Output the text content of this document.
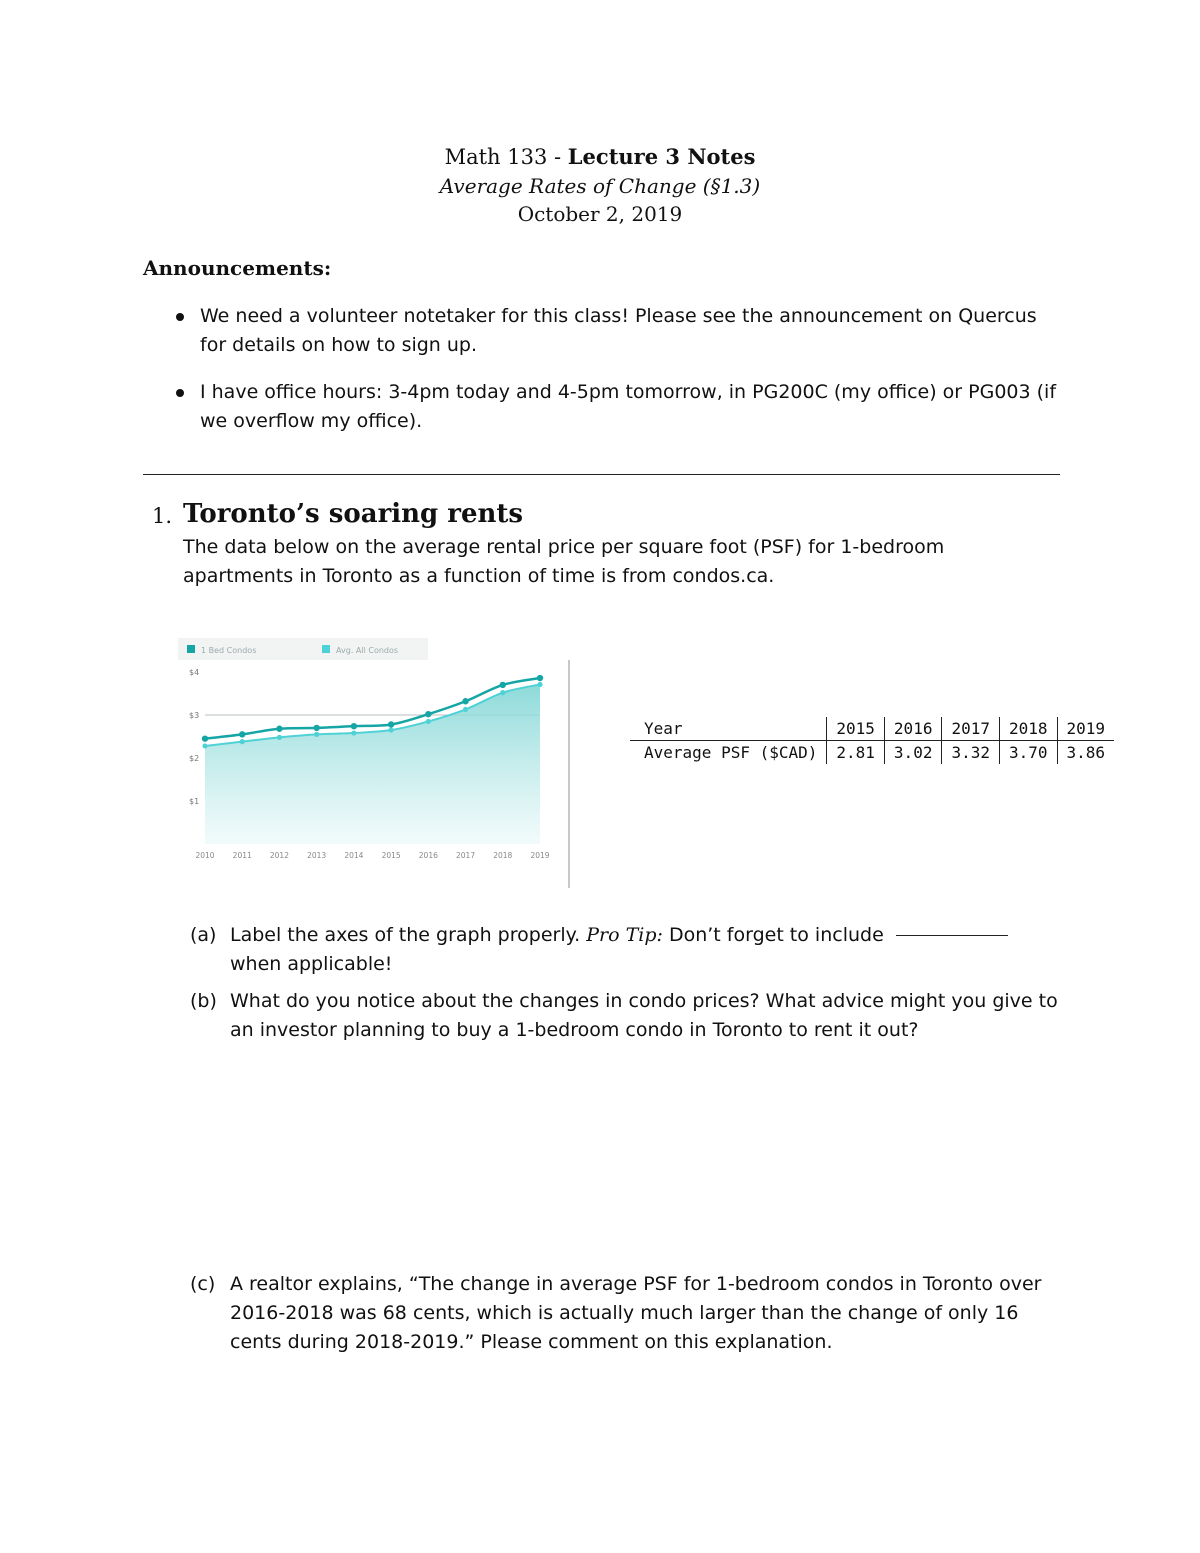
Math 133 - Lecture 3 Notes
Average Rates of Change (§1.3)
October 2, 2019
Announcements:
We need a volunteer notetaker for this class! Please see the announcement on Quercus for details on how to sign up.
I have office hours: 3-4pm today and 4-5pm tomorrow, in PG200C (my office) or PG003 (if we overflow my office).
1. Toronto’s soaring rents
The data below on the average rental price per square foot (PSF) for 1-bedroom apartments in Toronto as a function of time is from condos.ca.
1 Bed Condos	Avg. All Condos
$1
$2
$3
$4
2010 2011 2012 2013 2014 2015 2016 2017 2018 2019
Year	2015	2016	2017	2018	2019
Average PSF ($CAD)	2.81	3.02	3.32	3.70	3.86
(a) Label the axes of the graph properly. Pro Tip: Don’t forget to include
when applicable!
(b) What do you notice about the changes in condo prices? What advice might you give to an investor planning to buy a 1-bedroom condo in Toronto to rent it out?
(c) A realtor explains, “The change in average PSF for 1-bedroom condos in Toronto over 2016-2018 was 68 cents, which is actually much larger than the change of only 16 cents during 2018-2019.” Please comment on this explanation.
